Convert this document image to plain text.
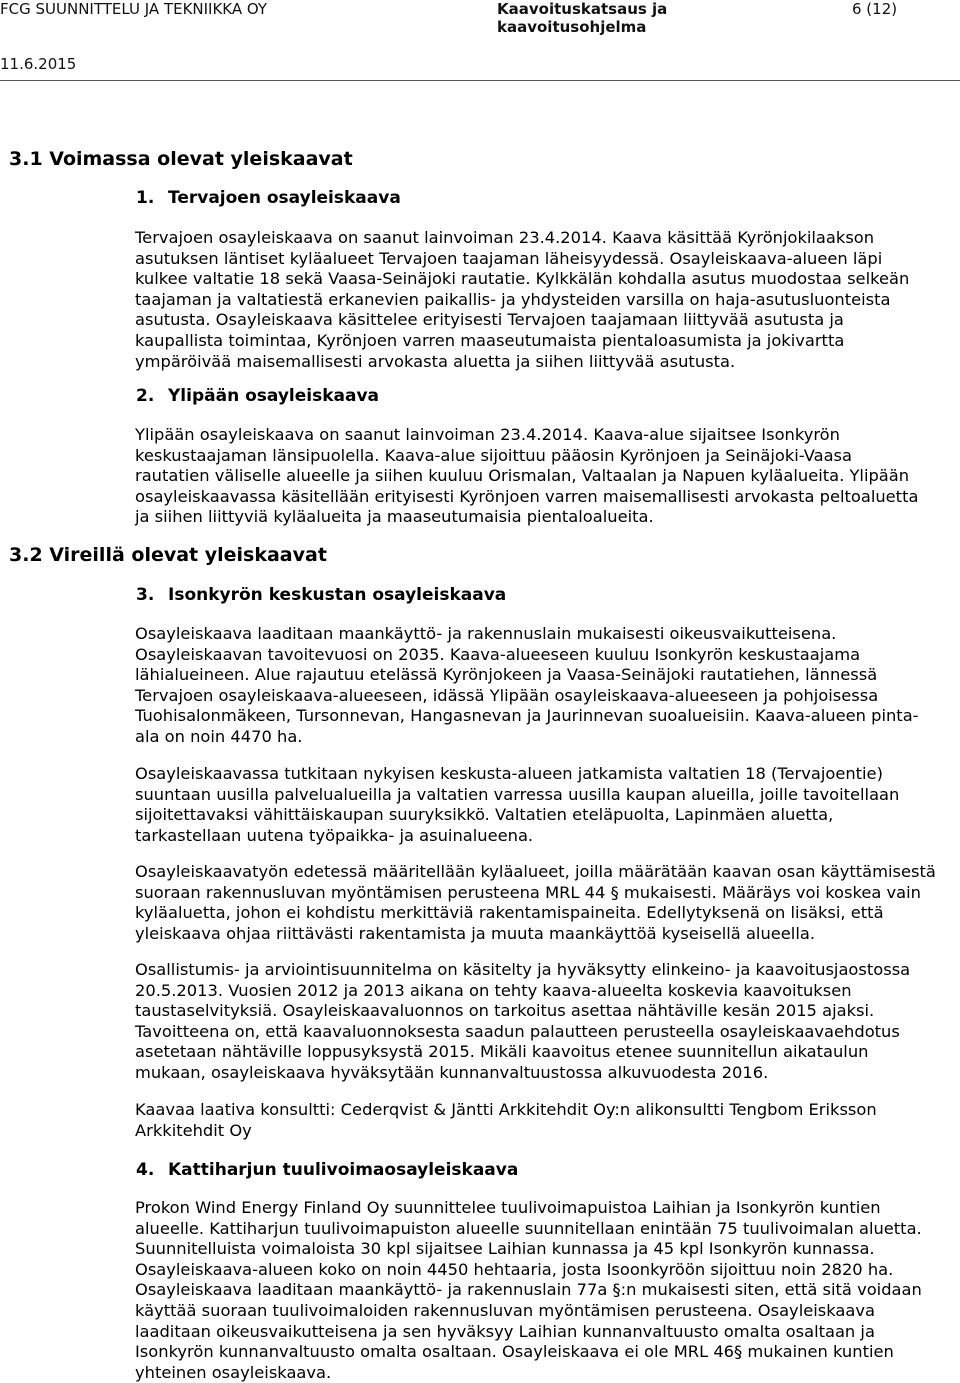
FCG SUUNNITTELU JA TEKNIIKKA OY	Kaavoituskatsaus ja kaavoitusohjelma
6 (12)
11.6.2015
3.1 Voimassa olevat yleiskaavat
1. Tervajoen osayleiskaava

Tervajoen osayleiskaava on saanut lainvoiman 23.4.2014. Kaava käsittää Kyrönjokilaakson
asutuksen läntiset kyläalueet Tervajoen taajaman läheisyydessä. Osayleiskaava-alueen läpi
kulkee valtatie 18 sekä Vaasa-Seinäjoki rautatie. Kylkkälän kohdalla asutus muodostaa selkeän
taajaman ja valtatiestä erkanevien paikallis- ja yhdysteiden varsilla on haja-asutusluonteista
asutusta. Osayleiskaava käsittelee erityisesti Tervajoen taajamaan liittyvää asutusta ja
kaupallista toimintaa, Kyrönjoen varren maaseutumaista pientaloasumista ja jokivartta
ympäröivää maisemallisesti arvokasta aluetta ja siihen liittyvää asutusta.

2. Ylipään osayleiskaava

Ylipään osayleiskaava on saanut lainvoiman 23.4.2014. Kaava-alue sijaitsee Isonkyrön
keskustaajaman länsipuolella. Kaava-alue sijoittuu pääosin Kyrönjoen ja Seinäjoki-Vaasa
rautatien väliselle alueelle ja siihen kuuluu Orismalan, Valtaalan ja Napuen kyläalueita. Ylipään
osayleiskaavassa käsitellään erityisesti Kyrönjoen varren maisemallisesti arvokasta peltoaluetta
ja siihen liittyviä kyläalueita ja maaseutumaisia pientaloalueita.

3.2 Vireillä olevat yleiskaavat
3. Isonkyrön keskustan osayleiskaava

Osayleiskaava laaditaan maankäyttö- ja rakennuslain mukaisesti oikeusvaikutteisena.
Osayleiskaavan tavoitevuosi on 2035. Kaava-alueeseen kuuluu Isonkyrön keskustaajama
lähialueineen. Alue rajautuu etelässä Kyrönjokeen ja Vaasa-Seinäjoki rautatiehen, lännessä
Tervajoen osayleiskaava-alueeseen, idässä Ylipään osayleiskaava-alueeseen ja pohjoisessa
Tuohisalonmäkeen, Tursonnevan, Hangasnevan ja Jaurinnevan suoalueisiin. Kaava-alueen pinta-
ala on noin 4470 ha.

Osayleiskaavassa tutkitaan nykyisen keskusta-alueen jatkamista valtatien 18 (Tervajoentie)
suuntaan uusilla palvelualueilla ja valtatien varressa uusilla kaupan alueilla, joille tavoitellaan
sijoitettavaksi vähittäiskaupan suuryksikkö. Valtatien eteläpuolta, Lapinmäen aluetta,
tarkastellaan uutena työpaikka- ja asuinalueena.

Osayleiskaavatyön edetessä määritellään kyläalueet, joilla määrätään kaavan osan käyttämisestä
suoraan rakennusluvan myöntämisen perusteena MRL 44 § mukaisesti. Määräys voi koskea vain
kyläaluetta, johon ei kohdistu merkittäviä rakentamispaineita. Edellytyksenä on lisäksi, että
yleiskaava ohjaa riittävästi rakentamista ja muuta maankäyttöä kyseisellä alueella.

Osallistumis- ja arviointisuunnitelma on käsitelty ja hyväksytty elinkeino- ja kaavoitusjaostossa
20.5.2013. Vuosien 2012 ja 2013 aikana on tehty kaava-alueelta koskevia kaavoituksen
taustaselvityksiä. Osayleiskaavaluonnos on tarkoitus asettaa nähtäville kesän 2015 ajaksi.
Tavoitteena on, että kaavaluonnoksesta saadun palautteen perusteella osayleiskaavaehdotus
asetetaan nähtäville loppusyksystä 2015. Mikäli kaavoitus etenee suunnitellun aikataulun
mukaan, osayleiskaava hyväksytään kunnanvaltuustossa alkuvuodesta 2016.

Kaavaa laativa konsultti: Cederqvist & Jäntti Arkkitehdit Oy:n alikonsultti Tengbom Eriksson
Arkkitehdit Oy

4. Kattiharjun tuulivoimaosayleiskaava

Prokon Wind Energy Finland Oy suunnittelee tuulivoimapuistoa Laihian ja Isonkyrön kuntien
alueelle. Kattiharjun tuulivoimapuiston alueelle suunnitellaan enintään 75 tuulivoimalan aluetta.
Suunnitelluista voimaloista 30 kpl sijaitsee Laihian kunnassa ja 45 kpl Isonkyrön kunnassa.
Osayleiskaava-alueen koko on noin 4450 hehtaaria, josta Isoonkyröön sijoittuu noin 2820 ha.
Osayleiskaava laaditaan maankäyttö- ja rakennuslain 77a §:n mukaisesti siten, että sitä voidaan
käyttää suoraan tuulivoimaloiden rakennusluvan myöntämisen perusteena. Osayleiskaava
laaditaan oikeusvaikutteisena ja sen hyväksyy Laihian kunnanvaltuusto omalta osaltaan ja
Isonkyrön kunnanvaltuusto omalta osaltaan. Osayleiskaava ei ole MRL 46§ mukainen kuntien
yhteinen osayleiskaava.
